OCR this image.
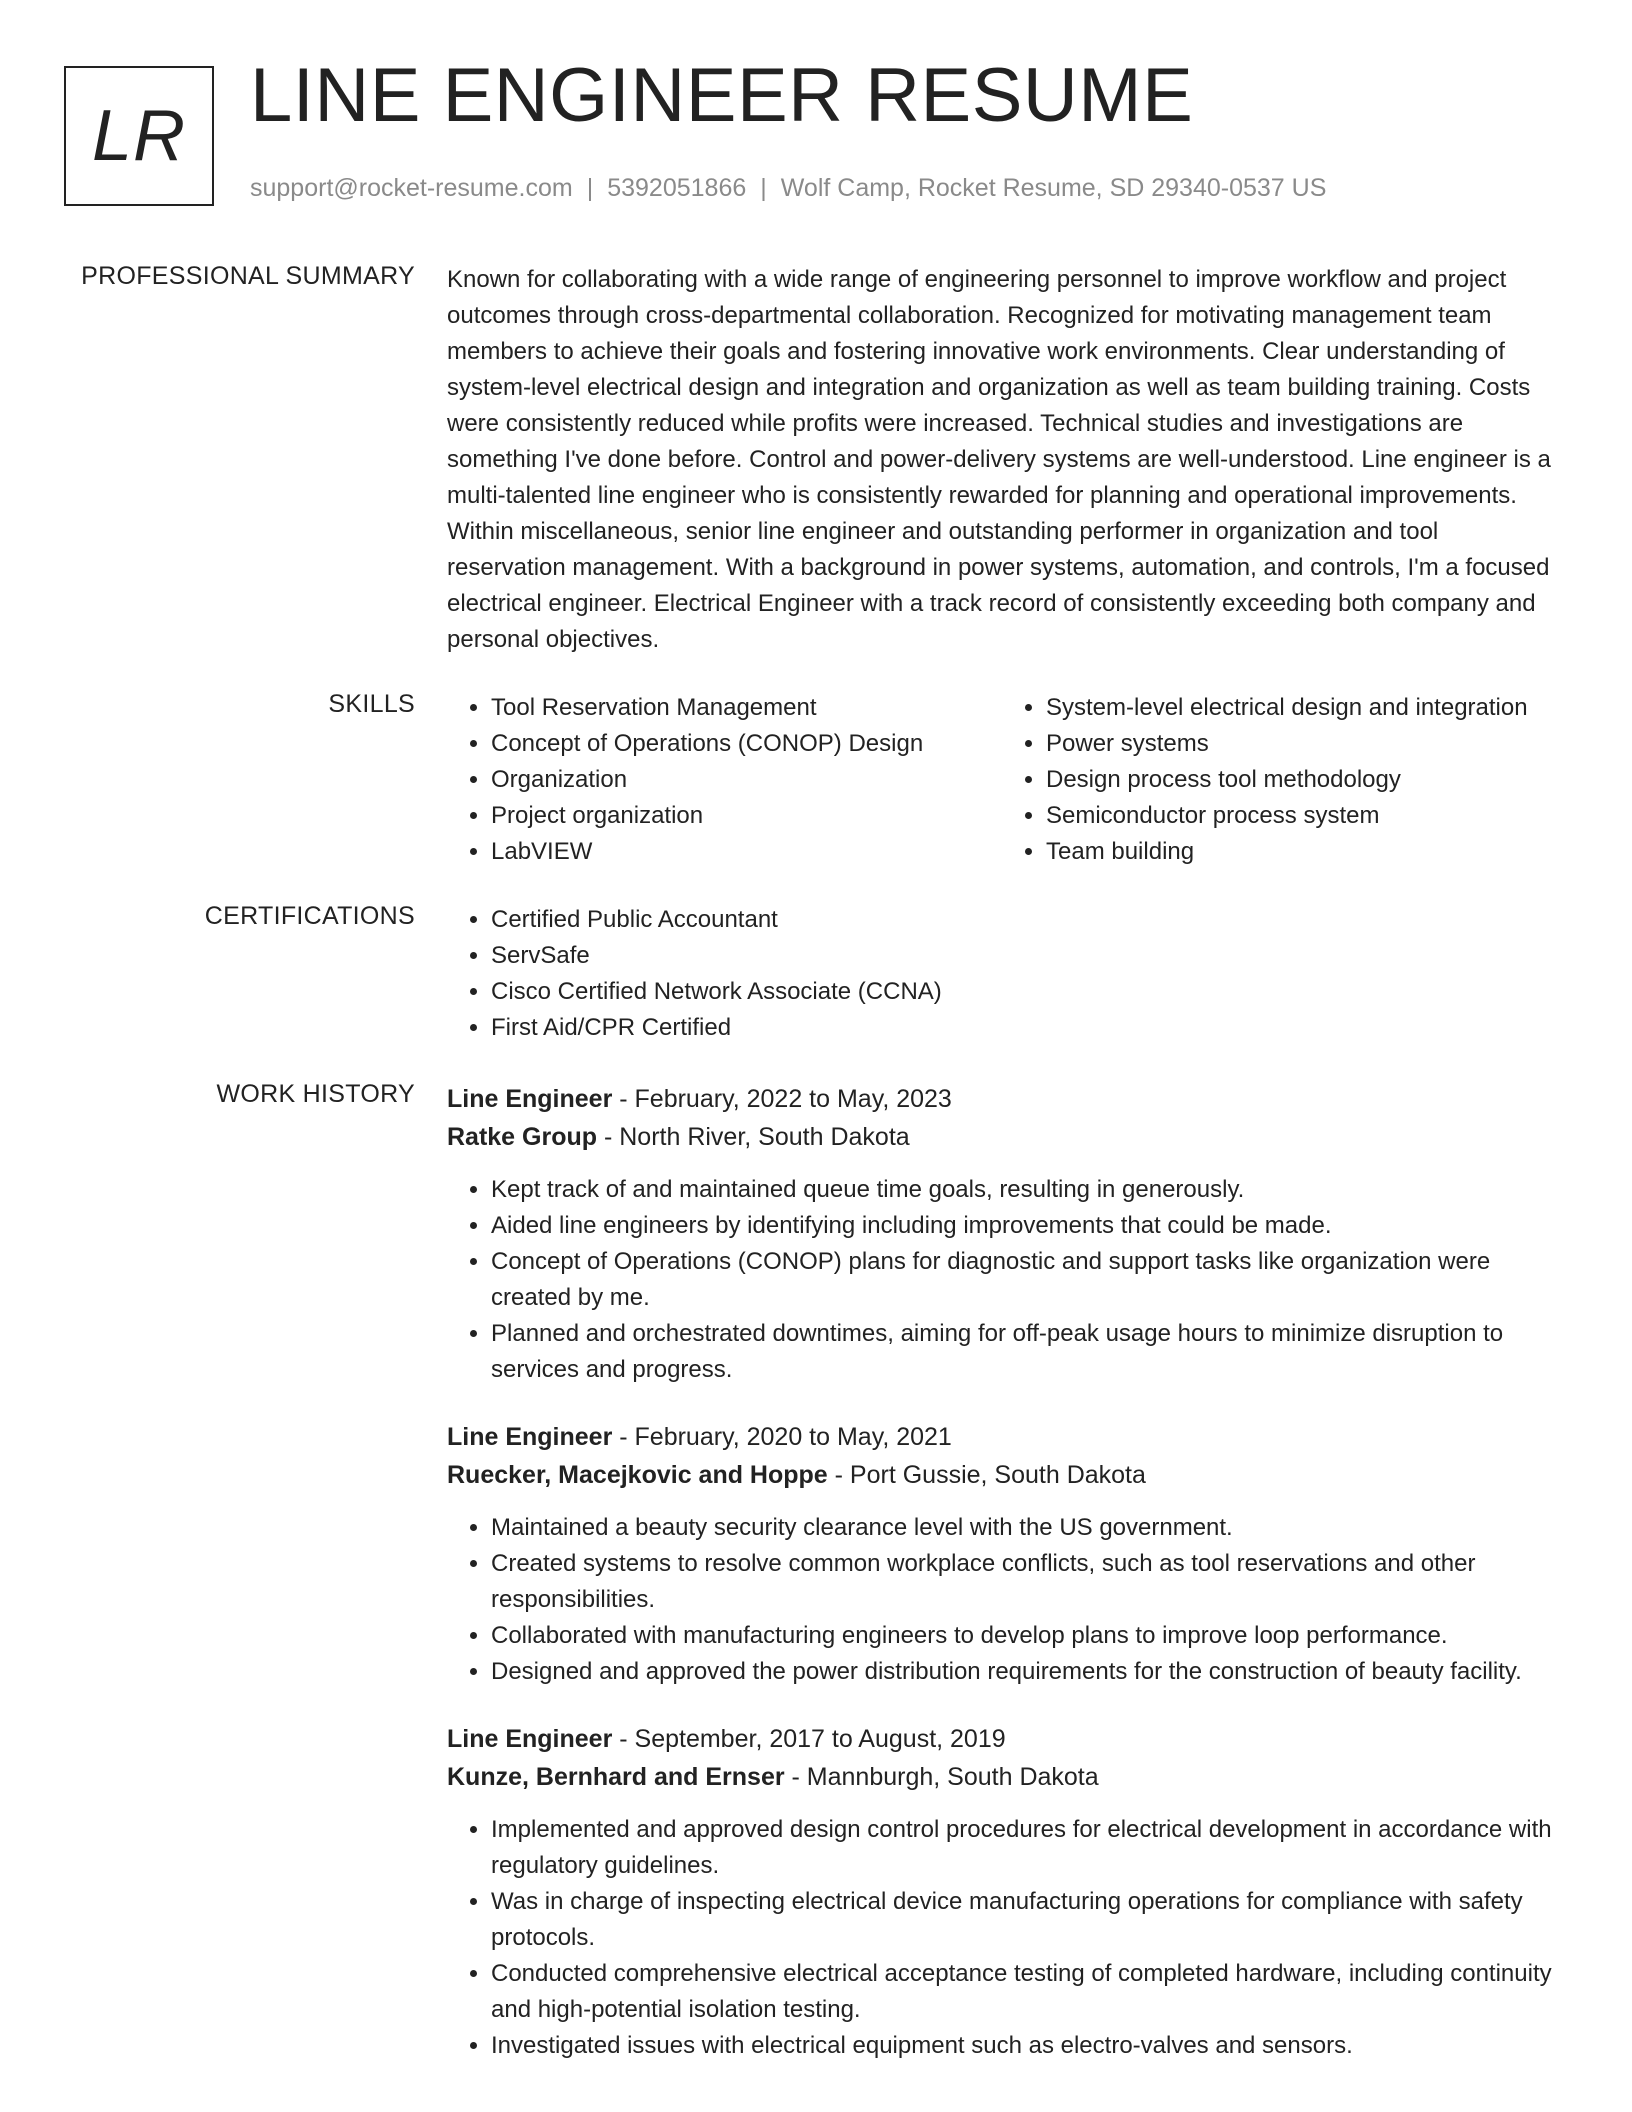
LR LINE ENGINEER RESUME
support@rocket-resume.com | 5392051866 | Wolf Camp, Rocket Resume, SD 29340-0537 US
PROFESSIONAL SUMMARY Known for collaborating with a wide range of engineering personnel to improve workflow and project outcomes through cross-departmental collaboration. Recognized for motivating management team members to achieve their goals and fostering innovative work environments. Clear understanding of system-level electrical design and integration and organization as well as team building training. Costs were consistently reduced while profits were increased. Technical studies and investigations are something I've done before. Control and power-delivery systems are well-understood. Line engineer is a multi-talented line engineer who is consistently rewarded for planning and operational improvements. Within miscellaneous, senior line engineer and outstanding performer in organization and tool reservation management. With a background in power systems, automation, and controls, I'm a focused electrical engineer. Electrical Engineer with a track record of consistently exceeding both company and personal objectives.

SKILLS	• Tool Reservation Management
• Concept of Operations (CONOP) Design
• Organization
• Project organization
• LabVIEW
• System-level electrical design and integration
• Power systems
• Design process tool methodology
• Semiconductor process system
• Team building
CERTIFICATIONS	• Certified Public Accountant
• ServSafe
• Cisco Certified Network Associate (CCNA)
• First Aid/CPR Certified
WORK HISTORY Line Engineer - February, 2022 to May, 2023
Ratke Group - North River, South Dakota
• Kept track of and maintained queue time goals, resulting in generously.
• Aided line engineers by identifying including improvements that could be made.
• Concept of Operations (CONOP) plans for diagnostic and support tasks like organization were created by me.
• Planned and orchestrated downtimes, aiming for off-peak usage hours to minimize disruption to services and progress.
Line Engineer - February, 2020 to May, 2021
Ruecker, Macejkovic and Hoppe - Port Gussie, South Dakota
• Maintained a beauty security clearance level with the US government.
• Created systems to resolve common workplace conflicts, such as tool reservations and other responsibilities.
• Collaborated with manufacturing engineers to develop plans to improve loop performance.
• Designed and approved the power distribution requirements for the construction of beauty facility.
Line Engineer - September, 2017 to August, 2019
Kunze, Bernhard and Ernser - Mannburgh, South Dakota
• Implemented and approved design control procedures for electrical development in accordance with regulatory guidelines.
• Was in charge of inspecting electrical device manufacturing operations for compliance with safety protocols.
• Conducted comprehensive electrical acceptance testing of completed hardware, including continuity and high-potential isolation testing.
• Investigated issues with electrical equipment such as electro-valves and sensors.
